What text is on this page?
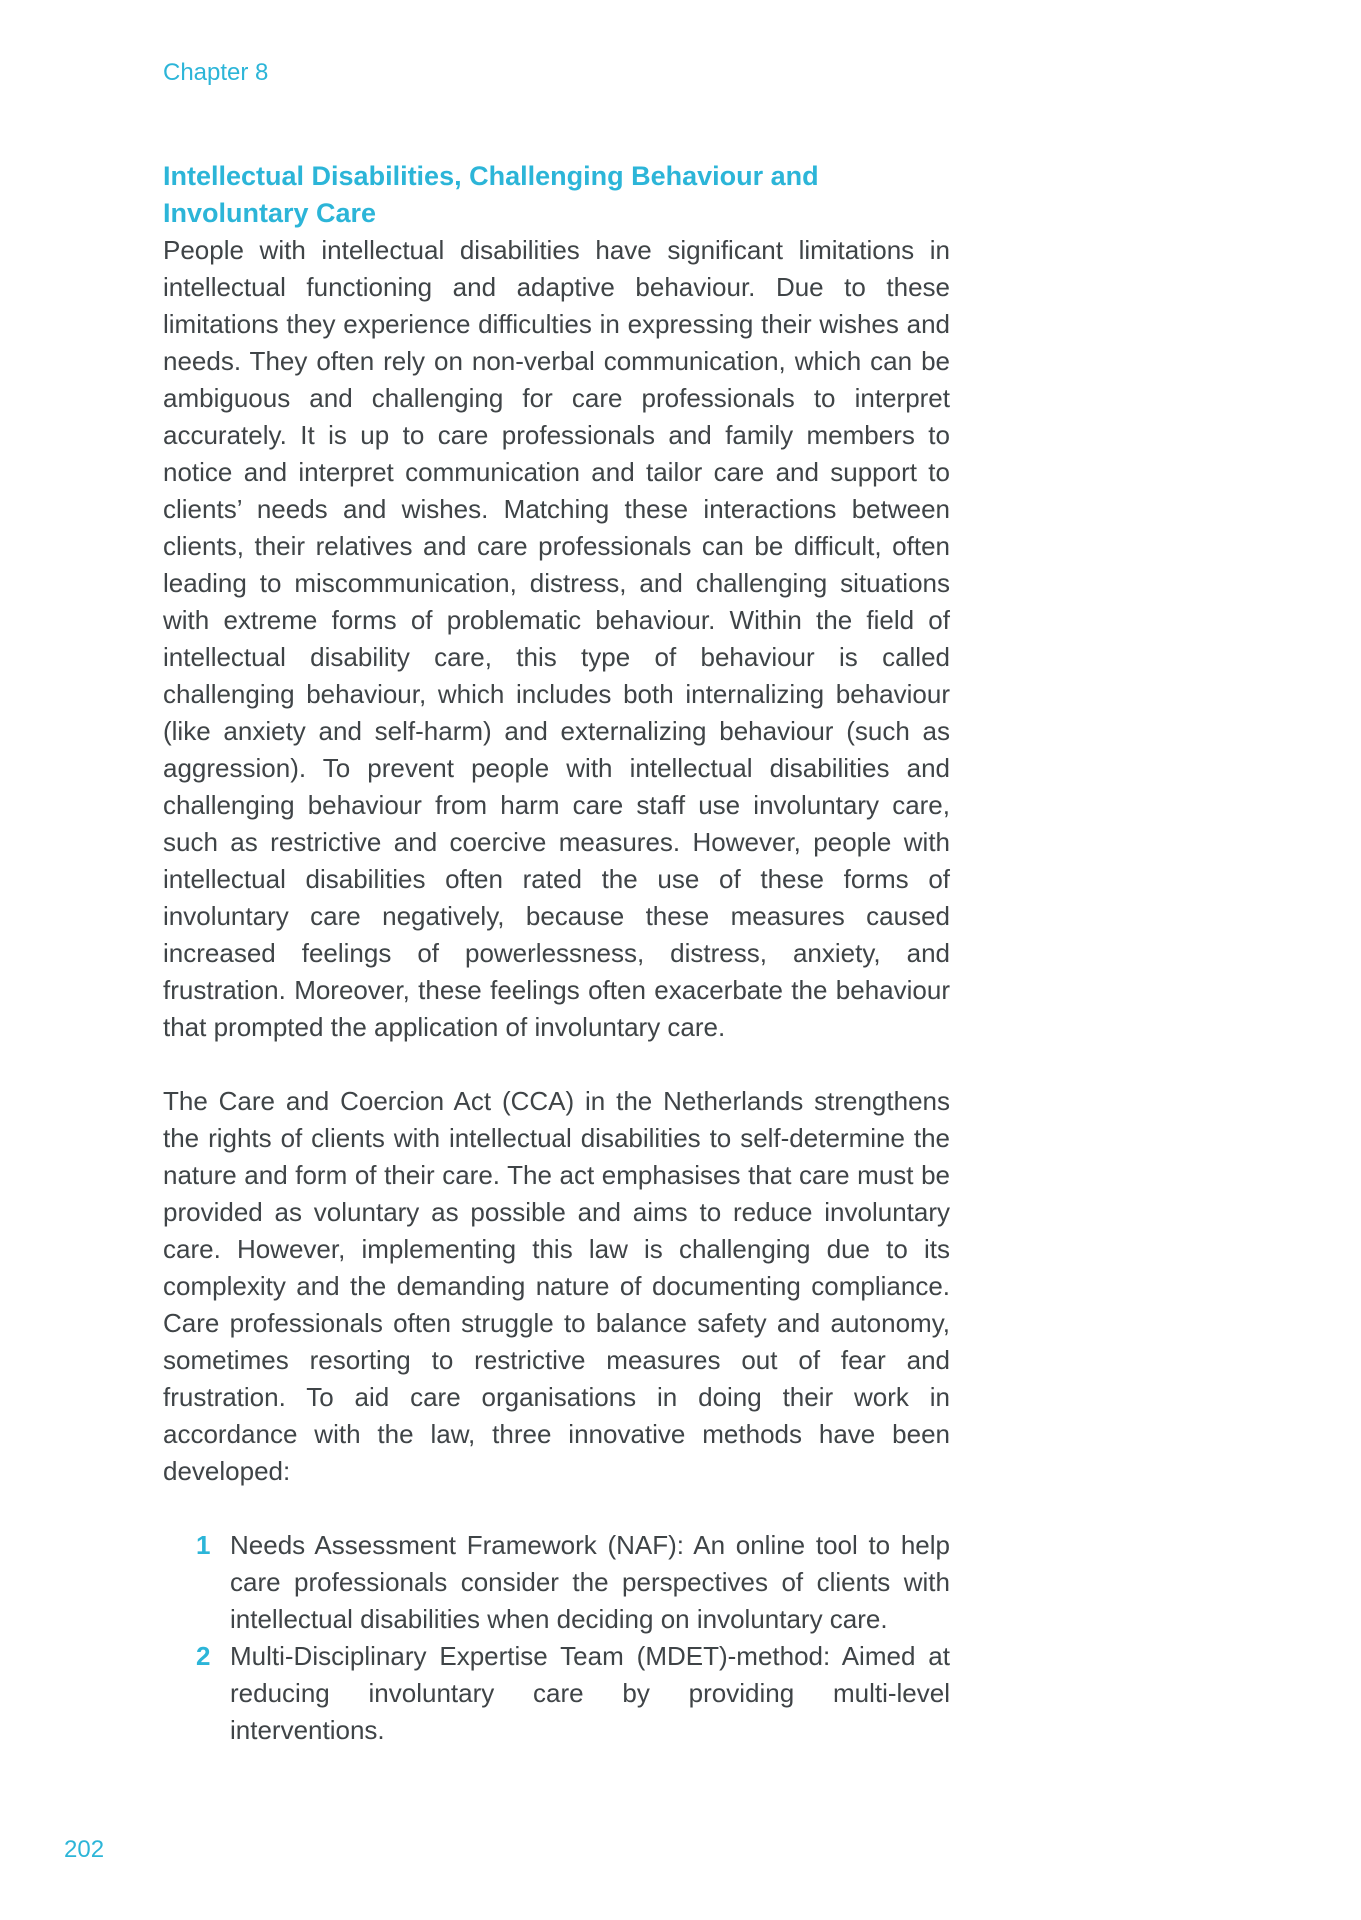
Chapter 8
Intellectual Disabilities, Challenging Behaviour and Involuntary Care

People with intellectual disabilities have significant limitations in intellectual functioning and adaptive behaviour. Due to these limitations they experience difficulties in expressing their wishes and needs. They often rely on non-verbal communication, which can be ambiguous and challenging for care professionals to interpret accurately. It is up to care professionals and family members to notice and interpret communication and tailor care and support to clients’ needs and wishes. Matching these interactions between clients, their relatives and care professionals can be difficult, often leading to miscommunication, distress, and challenging situations with extreme forms of problematic behaviour. Within the field of intellectual disability care, this type of behaviour is called challenging behaviour, which includes both internalizing behaviour (like anxiety and self-harm) and externalizing behaviour (such as aggression). To prevent people with intellectual disabilities and challenging behaviour from harm care staff use involuntary care, such as restrictive and coercive measures. However, people with intellectual disabilities often rated the use of these forms of involuntary care negatively, because these measures caused increased feelings of powerlessness, distress, anxiety, and frustration. Moreover, these feelings often exacerbate the behaviour that prompted the application of involuntary care.

The Care and Coercion Act (CCA) in the Netherlands strengthens the rights of clients with intellectual disabilities to self-determine the nature and form of their care. The act emphasises that care must be provided as voluntary as possible and aims to reduce involuntary care. However, implementing this law is challenging due to its complexity and the demanding nature of documenting compliance. Care professionals often struggle to balance safety and autonomy, sometimes resorting to restrictive measures out of fear and frustration. To aid care organisations in doing their work in accordance with the law, three innovative methods have been developed:

1 Needs Assessment Framework (NAF): An online tool to help care professionals consider the perspectives of clients with intellectual disabilities when deciding on involuntary care.
2 Multi-Disciplinary Expertise Team (MDET)-method: Aimed at reducing involuntary care by providing multi-level interventions.
202
